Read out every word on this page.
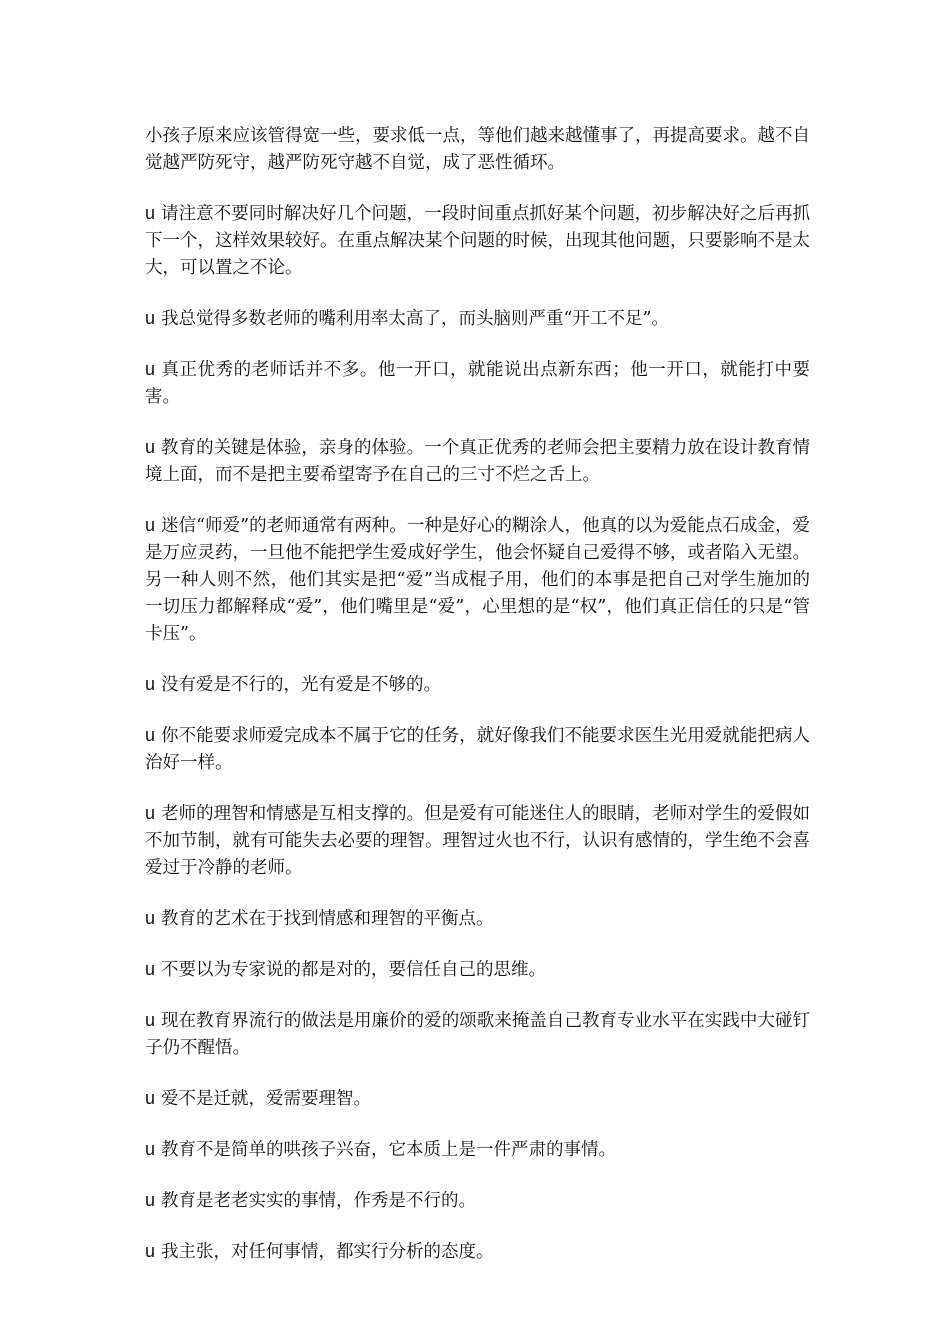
小孩子原来应该管得宽一些，要求低一点，等他们越来越懂事了，再提高要求。越不自觉越严防死守，越严防死守越不自觉，成了恶性循环。

u 请注意不要同时解决好几个问题，一段时间重点抓好某个问题，初步解决好之后再抓下一个，这样效果较好。在重点解决某个问题的时候，出现其他问题，只要影响不是太大，可以置之不论。

u 我总觉得多数老师的嘴利用率太高了，而头脑则严重“开工不足”。

u 真正优秀的老师话并不多。他一开口，就能说出点新东西；他一开口，就能打中要害。

u 教育的关键是体验，亲身的体验。一个真正优秀的老师会把主要精力放在设计教育情境上面，而不是把主要希望寄予在自己的三寸不烂之舌上。

u 迷信“师爱”的老师通常有两种。一种是好心的糊涂人，他真的以为爱能点石成金，爱是万应灵药，一旦他不能把学生爱成好学生，他会怀疑自己爱得不够，或者陷入无望。另一种人则不然，他们其实是把“爱”当成棍子用，他们的本事是把自己对学生施加的一切压力都解释成“爱”，他们嘴里是“爱”，心里想的是“权”，他们真正信任的只是“管卡压”。

u 没有爱是不行的，光有爱是不够的。

u 你不能要求师爱完成本不属于它的任务，就好像我们不能要求医生光用爱就能把病人治好一样。

u 老师的理智和情感是互相支撑的。但是爱有可能迷住人的眼睛，老师对学生的爱假如不加节制，就有可能失去必要的理智。理智过火也不行，认识有感情的，学生绝不会喜爱过于冷静的老师。

u 教育的艺术在于找到情感和理智的平衡点。

u 不要以为专家说的都是对的，要信任自己的思维。

u 现在教育界流行的做法是用廉价的爱的颂歌来掩盖自己教育专业水平在实践中大碰钉子仍不醒悟。

u 爱不是迁就，爱需要理智。

u 教育不是简单的哄孩子兴奋，它本质上是一件严肃的事情。

u 教育是老老实实的事情，作秀是不行的。

u 我主张，对任何事情，都实行分析的态度。
